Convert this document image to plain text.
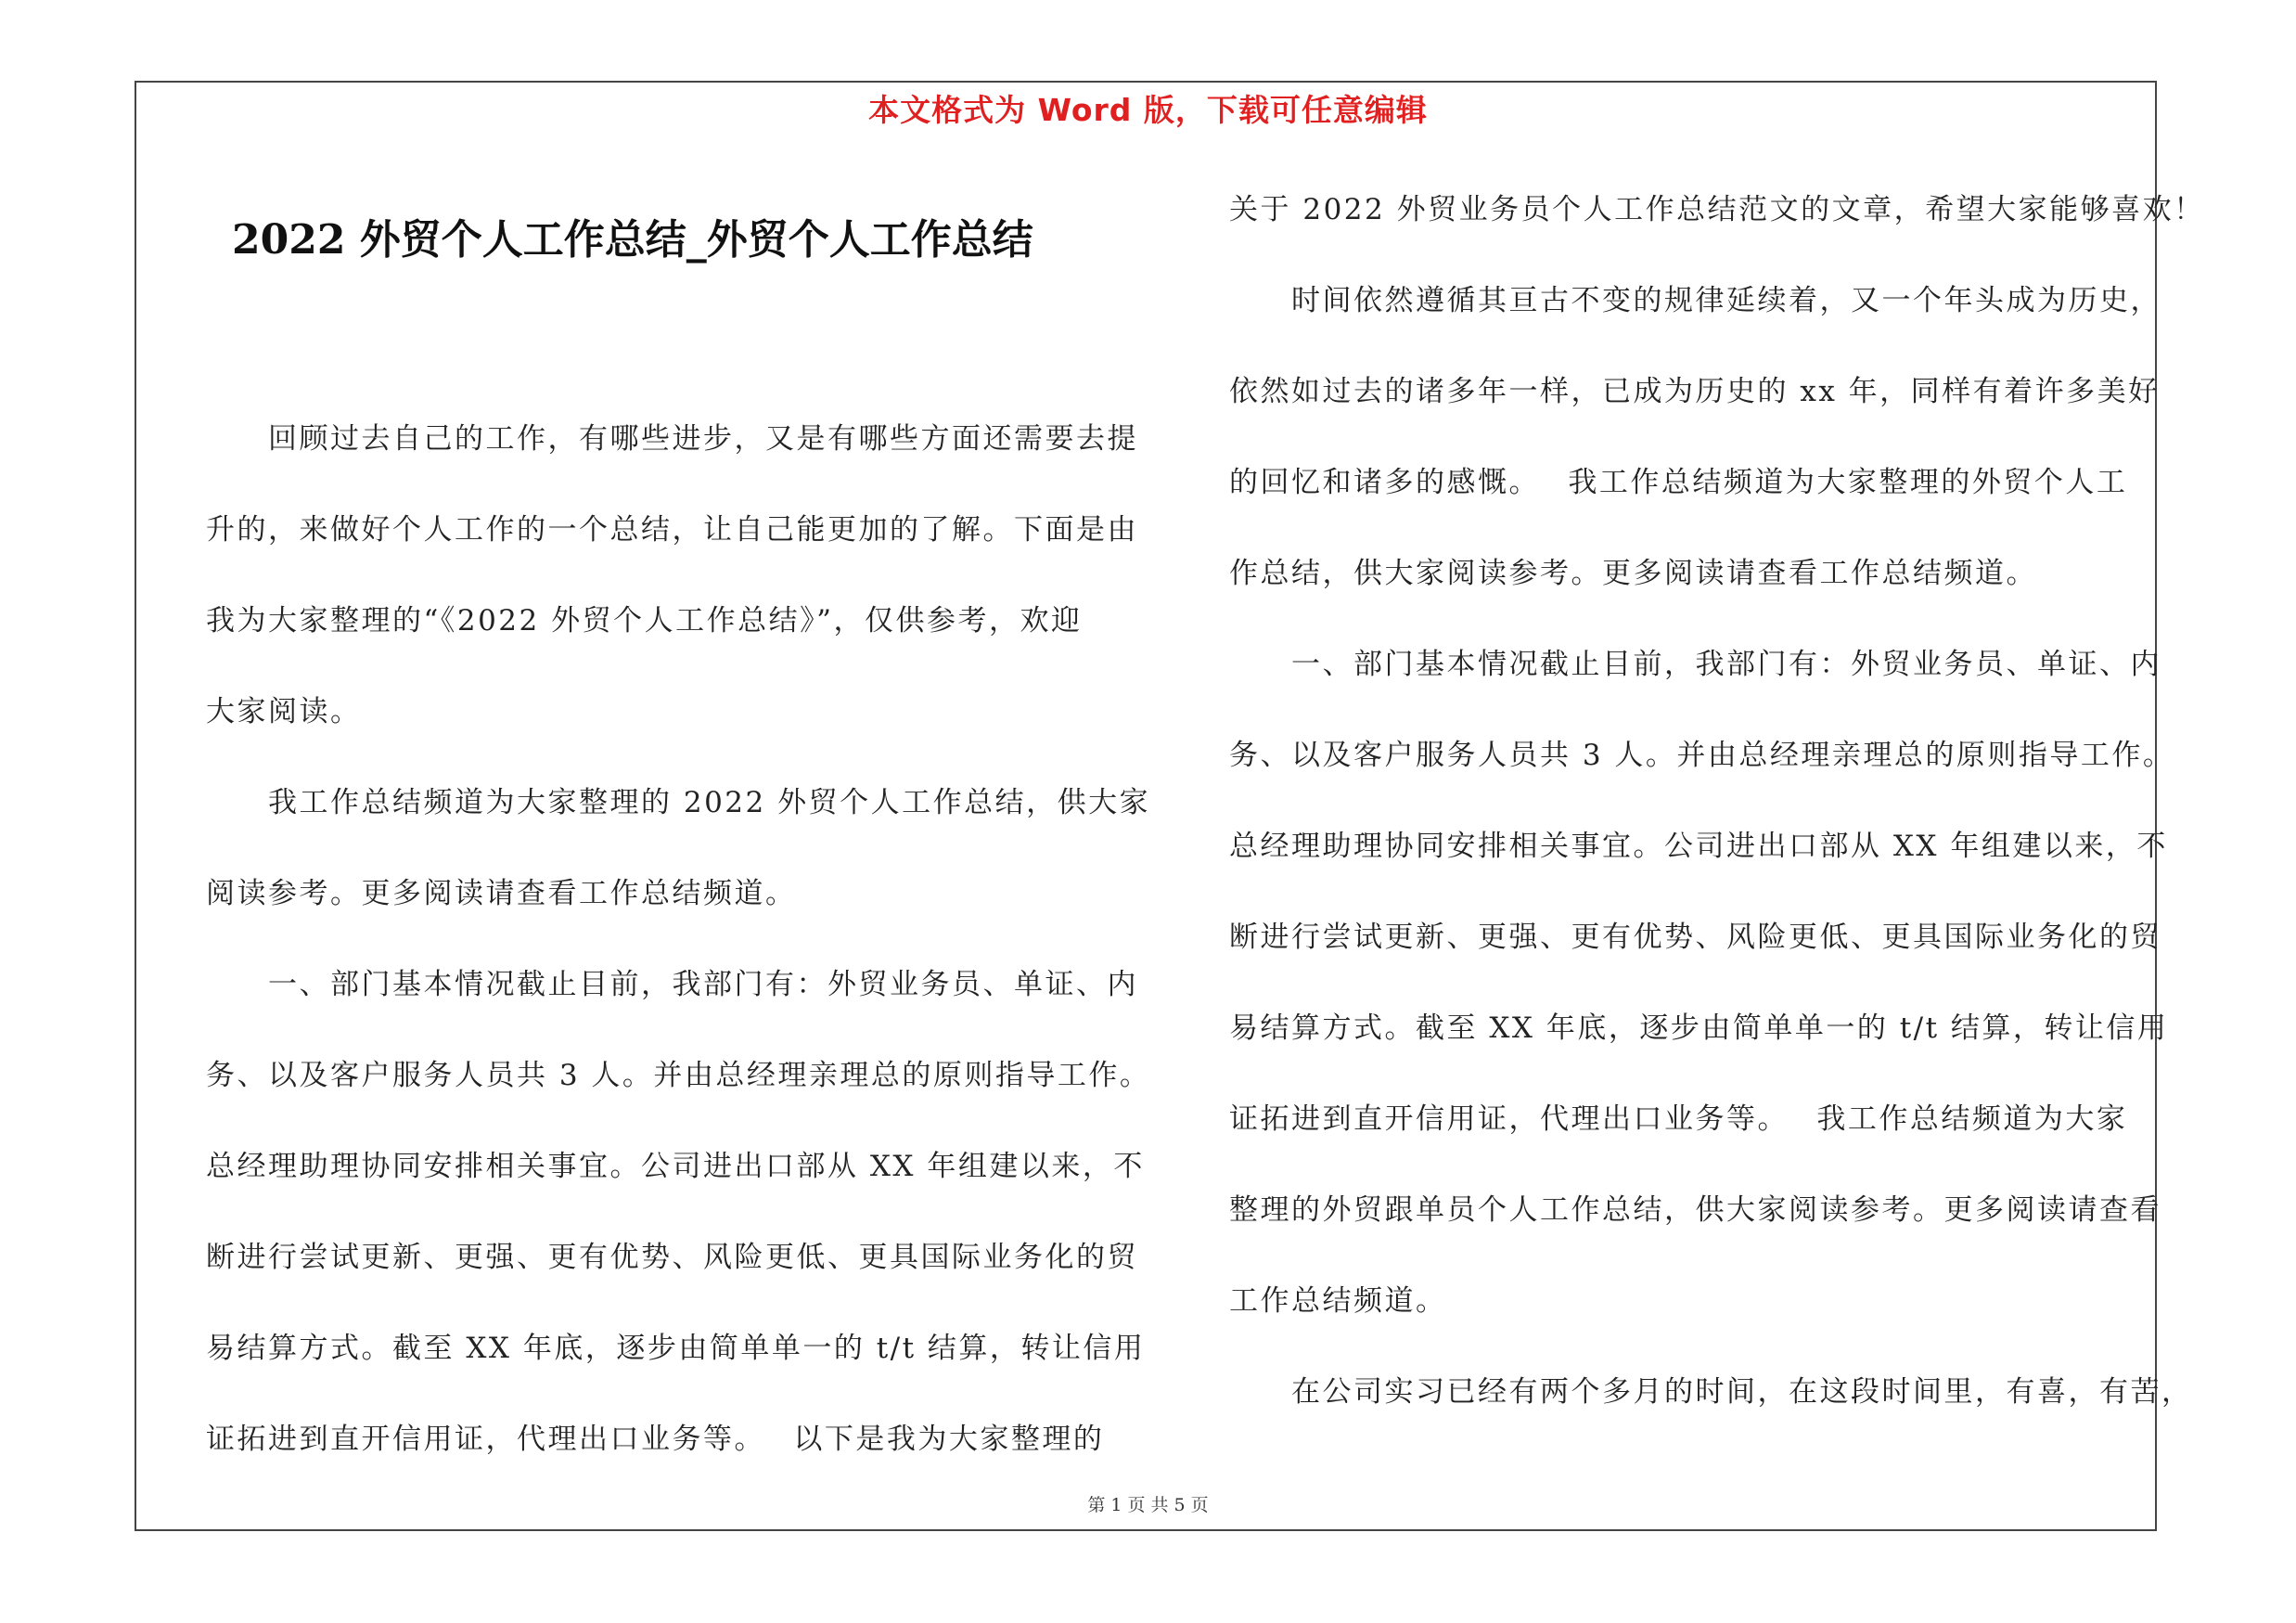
本文格式为 Word 版，下载可任意编辑
2022 外贸个人工作总结_外贸个人工作总结
　　回顾过去自己的工作，有哪些进步，又是有哪些方面还需要去提
升的，来做好个人工作的一个总结，让自己能更加的了解。下面是由
我为大家整理的“《2022 外贸个人工作总结》”，仅供参考，欢迎
大家阅读。
　　我工作总结频道为大家整理的 2022 外贸个人工作总结，供大家
阅读参考。更多阅读请查看工作总结频道。
　　一、部门基本情况截止目前，我部门有：外贸业务员、单证、内
务、以及客户服务人员共 3 人。并由总经理亲理总的原则指导工作。
总经理助理协同安排相关事宜。公司进出口部从 XX 年组建以来，不
断进行尝试更新、更强、更有优势、风险更低、更具国际业务化的贸
易结算方式。截至 XX 年底，逐步由简单单一的 t/t 结算，转让信用
证拓进到直开信用证，代理出口业务等。　 以下是我为大家整理的
关于 2022 外贸业务员个人工作总结范文的文章，希望大家能够喜欢！
　　时间依然遵循其亘古不变的规律延续着，又一个年头成为历史，
依然如过去的诸多年一样，已成为历史的 xx 年，同样有着许多美好
的回忆和诸多的感慨。　 我工作总结频道为大家整理的外贸个人工
作总结，供大家阅读参考。更多阅读请查看工作总结频道。
　　一、部门基本情况截止目前，我部门有：外贸业务员、单证、内
务、以及客户服务人员共 3 人。并由总经理亲理总的原则指导工作。
总经理助理协同安排相关事宜。公司进出口部从 XX 年组建以来，不
断进行尝试更新、更强、更有优势、风险更低、更具国际业务化的贸
易结算方式。截至 XX 年底，逐步由简单单一的 t/t 结算，转让信用
证拓进到直开信用证，代理出口业务等。　 我工作总结频道为大家
整理的外贸跟单员个人工作总结，供大家阅读参考。更多阅读请查看
工作总结频道。
　　在公司实习已经有两个多月的时间，在这段时间里，有喜，有苦，
第 1 页 共 5 页
